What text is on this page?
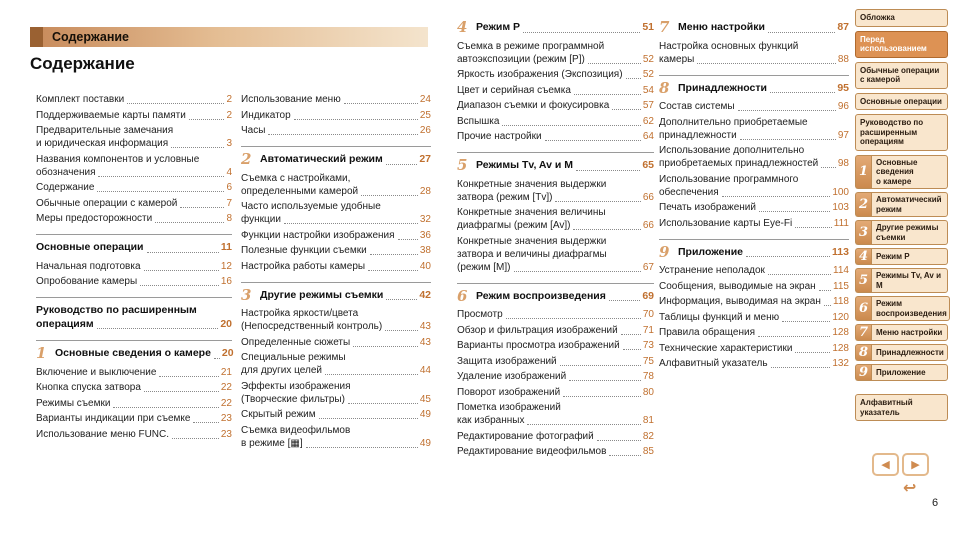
Содержание
Содержание
Комплект поставки	2
Поддерживаемые карты памяти	2
Предварительные замечания
и юридическая информация	3
Названия компонентов и условные
обозначения	4
Содержание	6
Обычные операции с камерой	7
Меры предосторожности	8
Основные операции	11
Начальная подготовка	12
Опробование камеры	16
Руководство по расширенным
операциям	20
1 Основные сведения о камере 20
Включение и выключение	21
Кнопка спуска затвора	22
Режимы съемки	22
Варианты индикации при съемке	23
Использование меню FUNC.	23
Использование меню	24
Индикатор	25
Часы	26
2 Автоматический режим	27
Съемка с настройками,
определенными камерой	28
Часто используемые удобные
функции	32
Функции настройки изображения	36
Полезные функции съемки	38
Настройка работы камеры	40
3 Другие режимы съемки	42
Настройка яркости/цвета
(Непосредственный контроль)	43
Определенные сюжеты	43
Специальные режимы
для других целей	44
Эффекты изображения
(Творческие фильтры)	45
Скрытый режим	49
Съемка видеофильмов
в режиме [▦]	49
4 Режим P	51
Съемка в режиме программной
автоэкспозиции (режим [P])	52
Яркость изображения (Экспозиция) 52
Цвет и серийная съемка	54
Диапазон съемки и фокусировка	57
Вспышка	62
Прочие настройки	64
5 Режимы Tv, Av и M	65
Конкретные значения выдержки
затвора (режим [Tv])	66
Конкретные значения величины
диафрагмы (режим [Av])	66
Конкретные значения выдержки
затвора и величины диафрагмы
(режим [M])	67
6 Режим воспроизведения	69
Просмотр	70
Обзор и фильтрация изображений	71
Варианты просмотра изображений 73
Защита изображений	75
Удаление изображений	78
Поворот изображений	80
Пометка изображений
как избранных	81
Редактирование фотографий	82
Редактирование видеофильмов	85
7 Меню настройки	87
Настройка основных функций
камеры	88
8 Принадлежности	95
Состав системы	96
Дополнительно приобретаемые
принадлежности	97
Использование дополнительно
приобретаемых принадлежностей 98
Использование программного
обеспечения	100
Печать изображений	103
Использование карты Eye-Fi	111
9 Приложение	113
Устранение неполадок	114
Сообщения, выводимые на экран 115
Информация, выводимая на экран 118
Таблицы функций и меню	120
Правила обращения	128
Технические характеристики	128
Алфавитный указатель	132
Обложка
Перед использованием
Обычные операции
с камерой
Основные операции
Руководство по
расширенным операциям
1
Основные сведения
о камере
2 Автоматический
режим
3 Другие режимы
съемки
4 Режим P
5 Режимы Tv, Av и M
6 Режим
воспроизведения
7 Меню настройки
8 Принадлежности
9 Приложение
Алфавитный указатель
◀ ▶
↩
6
